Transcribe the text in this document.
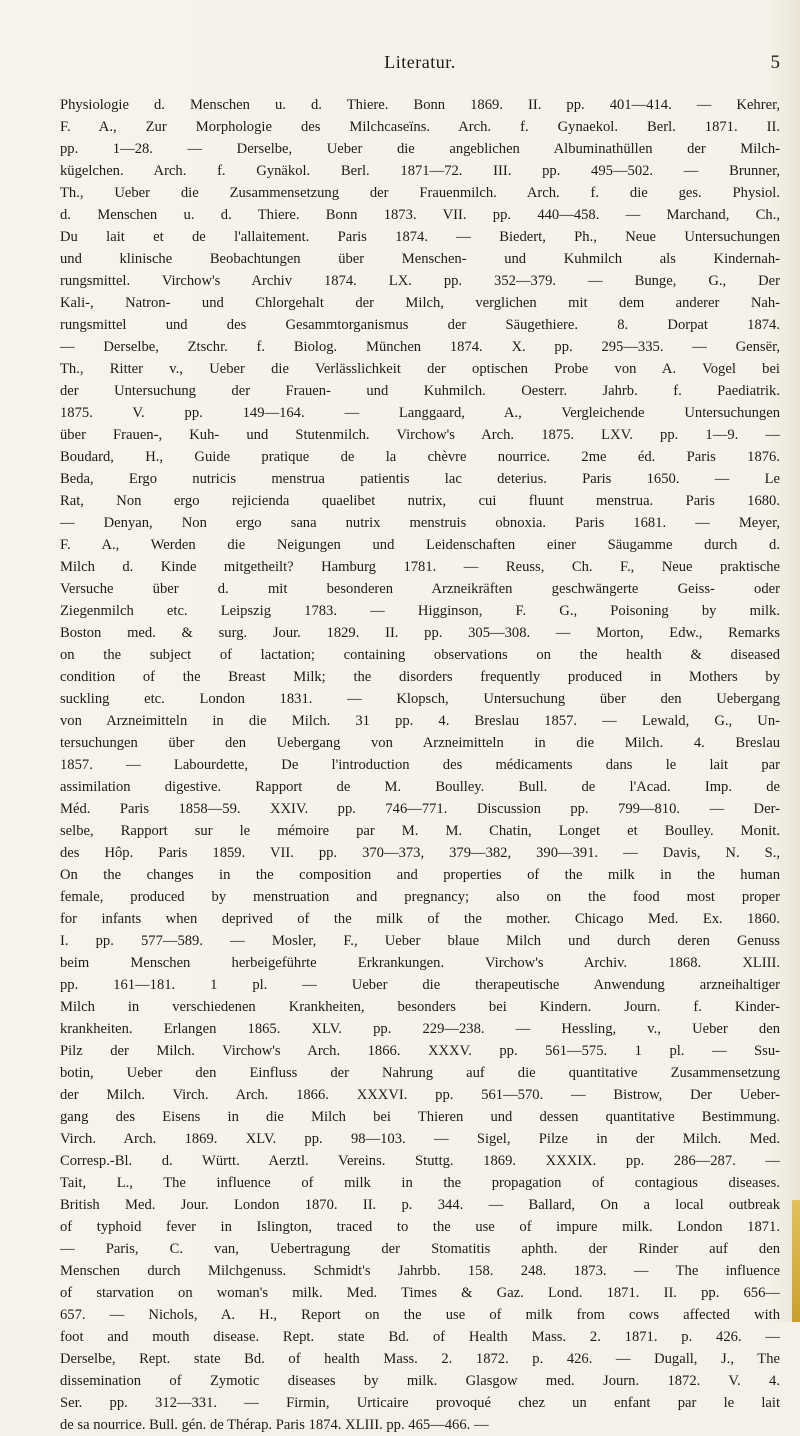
Literatur.	5
Physiologie d. Menschen u. d. Thiere. Bonn 1869. II. pp. 401—414. — Kehrer,
F. A., Zur Morphologie des Milchcaseïns. Arch. f. Gynaekol. Berl. 1871. II.
pp. 1—28. — Derselbe, Ueber die angeblichen Albuminathüllen der Milch-
kügelchen. Arch. f. Gynäkol. Berl. 1871—72. III. pp. 495—502. — Brunner,
Th., Ueber die Zusammensetzung der Frauenmilch. Arch. f. die ges. Physiol.
d. Menschen u. d. Thiere. Bonn 1873. VII. pp. 440—458. — Marchand, Ch.,
Du lait et de l'allaitement. Paris 1874. — Biedert, Ph., Neue Untersuchungen
und klinische Beobachtungen über Menschen- und Kuhmilch als Kindernah-
rungsmittel. Virchow's Archiv 1874. LX. pp. 352—379. — Bunge, G., Der
Kali-, Natron- und Chlorgehalt der Milch, verglichen mit dem anderer Nah-
rungsmittel und des Gesammtorganismus der Säugethiere. 8. Dorpat 1874.
— Derselbe, Ztschr. f. Biolog. München 1874. X. pp. 295—335. — Gensër,
Th., Ritter v., Ueber die Verlässlichkeit der optischen Probe von A. Vogel bei
der Untersuchung der Frauen- und Kuhmilch. Oesterr. Jahrb. f. Paediatrik.
1875. V. pp. 149—164. — Langgaard, A., Vergleichende Untersuchungen
über Frauen-, Kuh- und Stutenmilch. Virchow's Arch. 1875. LXV. pp. 1—9. —
Boudard, H., Guide pratique de la chèvre nourrice. 2me éd. Paris 1876.
Beda, Ergo nutricis menstrua patientis lac deterius. Paris 1650. — Le
Rat, Non ergo rejicienda quaelibet nutrix, cui fluunt menstrua. Paris 1680.
— Denyan, Non ergo sana nutrix menstruis obnoxia. Paris 1681. — Meyer,
F. A., Werden die Neigungen und Leidenschaften einer Säugamme durch d.
Milch d. Kinde mitgetheilt? Hamburg 1781. — Reuss, Ch. F., Neue praktische
Versuche über d. mit besonderen Arzneikräften geschwängerte Geiss- oder
Ziegenmilch etc. Leipszig 1783. — Higginson, F. G., Poisoning by milk.
Boston med. & surg. Jour. 1829. II. pp. 305—308. — Morton, Edw., Remarks
on the subject of lactation; containing observations on the health & diseased
condition of the Breast Milk; the disorders frequently produced in Mothers by
suckling etc. London 1831. — Klopsch, Untersuchung über den Uebergang
von Arzneimitteln in die Milch. 31 pp. 4. Breslau 1857. — Lewald, G., Un-
tersuchungen über den Uebergang von Arzneimitteln in die Milch. 4. Breslau
1857. — Labourdette, De l'introduction des médicaments dans le lait par
assimilation digestive. Rapport de M. Boulley. Bull. de l'Acad. Imp. de
Méd. Paris 1858—59. XXIV. pp. 746—771. Discussion pp. 799—810. — Der-
selbe, Rapport sur le mémoire par M. M. Chatin, Longet et Boulley. Monit.
des Hôp. Paris 1859. VII. pp. 370—373, 379—382, 390—391. — Davis, N. S.,
On the changes in the composition and properties of the milk in the human
female, produced by menstruation and pregnancy; also on the food most proper
for infants when deprived of the milk of the mother. Chicago Med. Ex. 1860.
I. pp. 577—589. — Mosler, F., Ueber blaue Milch und durch deren Genuss
beim Menschen herbeigeführte Erkrankungen. Virchow's Archiv. 1868. XLIII.
pp. 161—181. 1 pl. — Ueber die therapeutische Anwendung arzneihaltiger
Milch in verschiedenen Krankheiten, besonders bei Kindern. Journ. f. Kinder-
krankheiten. Erlangen 1865. XLV. pp. 229—238. — Hessling, v., Ueber den
Pilz der Milch. Virchow's Arch. 1866. XXXV. pp. 561—575. 1 pl. — Ssu-
botin, Ueber den Einfluss der Nahrung auf die quantitative Zusammensetzung
der Milch. Virch. Arch. 1866. XXXVI. pp. 561—570. — Bistrow, Der Ueber-
gang des Eisens in die Milch bei Thieren und dessen quantitative Bestimmung.
Virch. Arch. 1869. XLV. pp. 98—103. — Sigel, Pilze in der Milch. Med.
Corresp.-Bl. d. Württ. Aerztl. Vereins. Stuttg. 1869. XXXIX. pp. 286—287. —
Tait, L., The influence of milk in the propagation of contagious diseases.
British Med. Jour. London 1870. II. p. 344. — Ballard, On a local outbreak
of typhoid fever in Islington, traced to the use of impure milk. London 1871.
— Paris, C. van, Uebertragung der Stomatitis aphth. der Rinder auf den
Menschen durch Milchgenuss. Schmidt's Jahrbb. 158. 248. 1873. — The influence
of starvation on woman's milk. Med. Times & Gaz. Lond. 1871. II. pp. 656—
657. — Nichols, A. H., Report on the use of milk from cows affected with
foot and mouth disease. Rept. state Bd. of Health Mass. 2. 1871. p. 426. —
Derselbe, Rept. state Bd. of health Mass. 2. 1872. p. 426. — Dugall, J., The
dissemination of Zymotic diseases by milk. Glasgow med. Journ. 1872. V. 4.
Ser. pp. 312—331. — Firmin, Urticaire provoqué chez un enfant par le lait
de sa nourrice. Bull. gén. de Thérap. Paris 1874. XLIII. pp. 465—466. —
